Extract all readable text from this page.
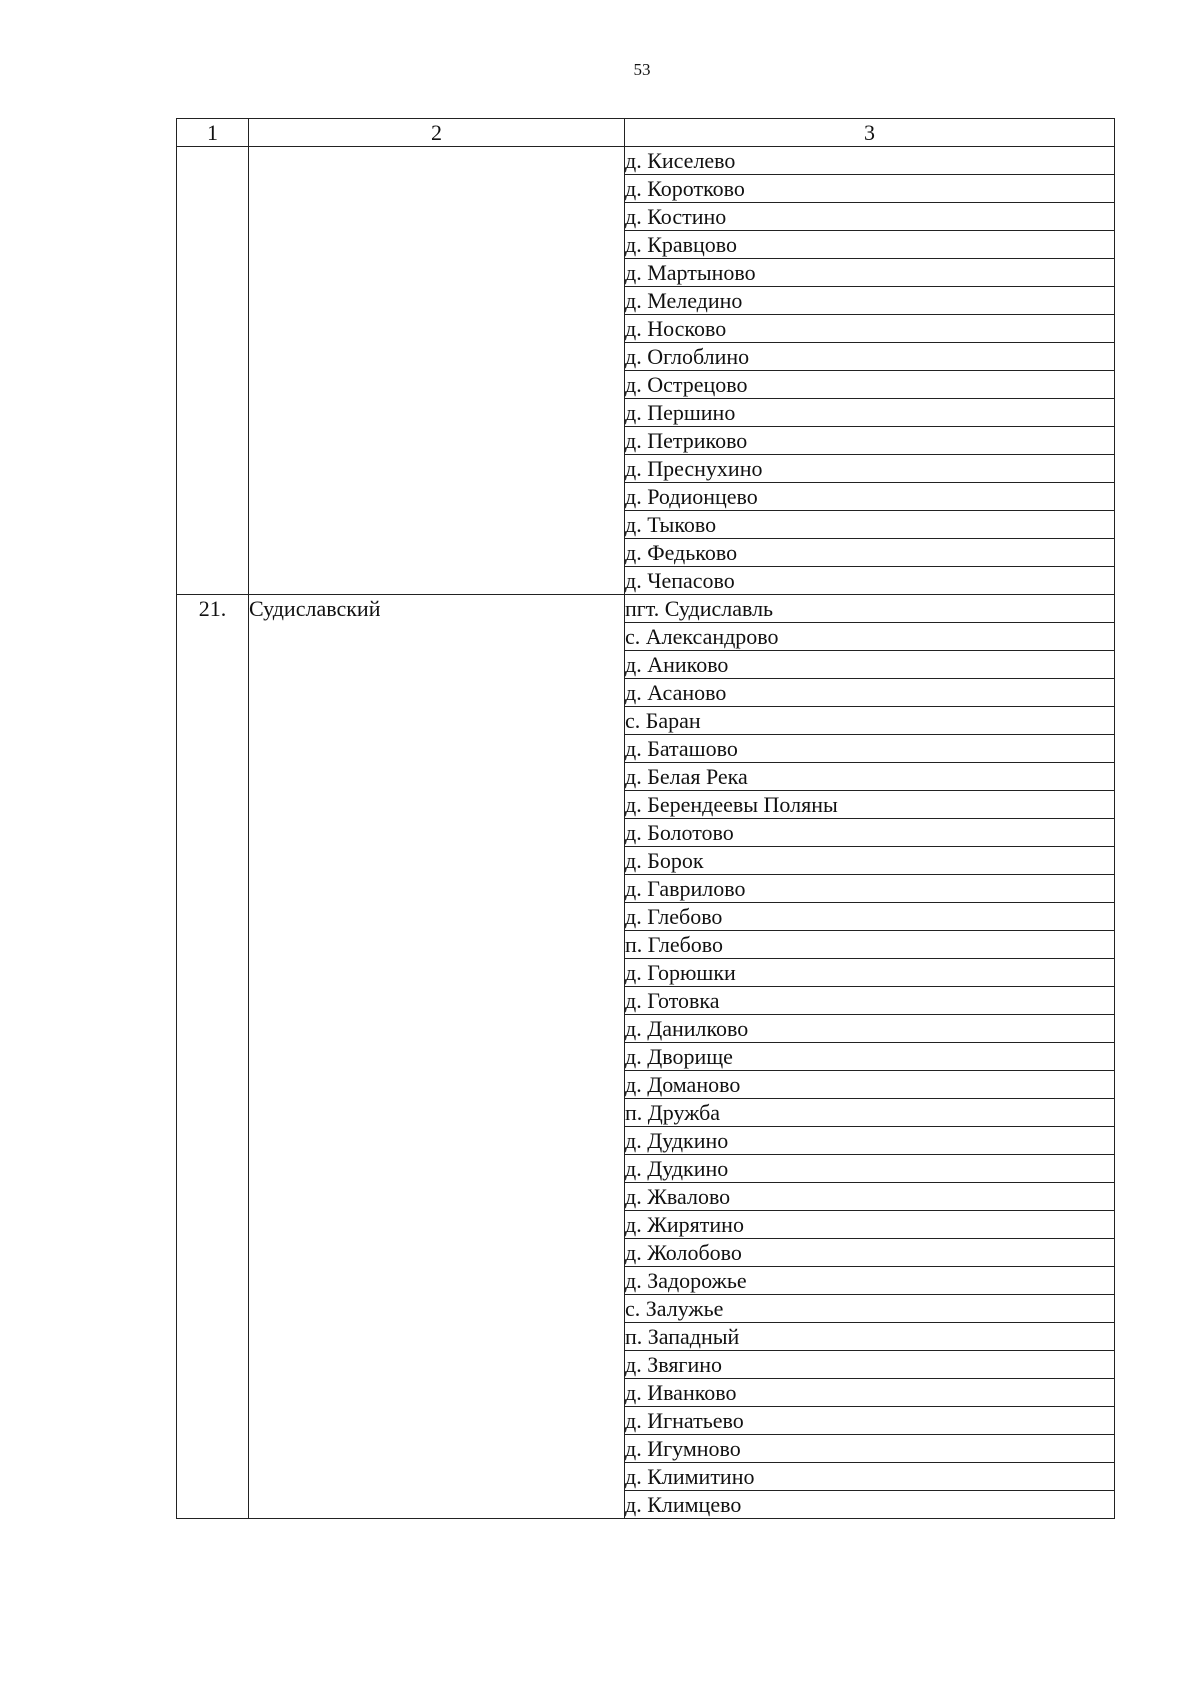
53
1	2	3
		д. Киселево
		д. Коротково
		д. Костино
		д. Кравцово
		д. Мартыново
		д. Меледино
		д. Носково
		д. Оглоблино
		д. Острецово
		д. Першино
		д. Петриково
		д. Преснухино
		д. Родионцево
		д. Тыково
		д. Федьково
		д. Чепасово
21.	Судиславский	пгт. Судиславль
		с. Александрово
		д. Аниково
		д. Асаново
		с. Баран
		д. Баташово
		д. Белая Река
		д. Берендеевы Поляны
		д. Болотово
		д. Борок
		д. Гаврилово
		д. Глебово
		п. Глебово
		д. Горюшки
		д. Готовка
		д. Данилково
		д. Дворище
		д. Доманово
		п. Дружба
		д. Дудкино
		д. Дудкино
		д. Жвалово
		д. Жирятино
		д. Жолобово
		д. Задорожье
		с. Залужье
		п. Западный
		д. Звягино
		д. Иванково
		д. Игнатьево
		д. Игумново
		д. Климитино
		д. Климцево
